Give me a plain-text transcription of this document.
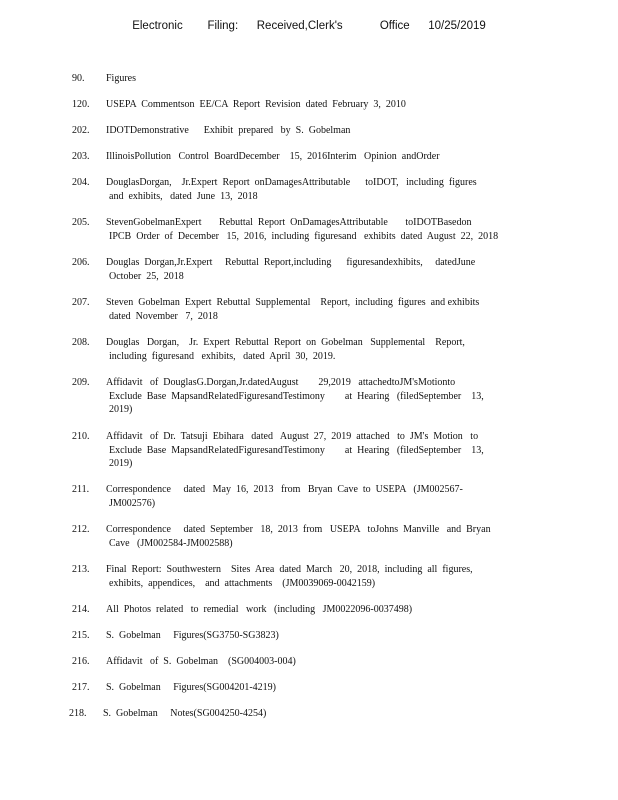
Electronic    Filing:   Received,Clerk's      Office   10/25/2019
90.	Figures
120.	USEPA  Commentson  EE/CA  Report  Revision  dated  February  3,  2010
202.	IDOTDemonstrative      Exhibit  prepared   by  S.  Gobelman
203.	IllinoisPollution   Control  BoardDecember    15,  2016Interim   Opinion  andOrder
204.	DouglasDorgan,    Jr.Expert  Report  onDamagesAttributable      toIDOT,   including  figures
and  exhibits,   dated  June  13,  2018
205.	StevenGobelmanExpert       Rebuttal  Report  OnDamagesAttributable       toIDOTBasedon
IPCB  Order  of  December   15,  2016,  including  figuresand   exhibits  dated  August  22,  2018
206.	Douglas  Dorgan,Jr.Expert     Rebuttal  Report,including      figuresandexhibits,     datedJune
October  25,  2018
207.	Steven  Gobelman  Expert  Rebuttal  Supplemental    Report,  including  figures  and exhibits
dated  November   7,  2018
208.	Douglas   Dorgan,    Jr.  Expert  Rebuttal  Report  on  Gobelman   Supplemental    Report,
including  figuresand   exhibits,   dated  April  30,  2019.
209.	Affidavit   of  DouglasG.Dorgan,Jr.datedAugust        29,2019   attachedtoJM'sMotionto
Exclude  Base  MapsandRelatedFiguresandTestimony        at  Hearing   (filedSeptember    13,
2019)
210.	Affidavit   of  Dr.  Tatsuji  Ebihara   dated   August  27,  2019  attached   to  JM's  Motion   to
Exclude  Base  MapsandRelatedFiguresandTestimony        at  Hearing   (filedSeptember    13,
2019)
211.	Correspondence     dated   May  16,  2013   from   Bryan  Cave  to  USEPA   (JM002567-
JM002576)
212.	Correspondence     dated  September   18,  2013  from   USEPA   toJohns  Manville   and  Bryan
Cave   (JM002584-JM002588)
213.	Final  Report:  Southwestern    Sites  Area  dated  March   20,  2018,  including  all  figures,
exhibits,  appendices,    and  attachments    (JM0039069-0042159)
214.	All  Photos  related   to  remedial   work   (including   JM0022096-0037498)
215.	S.  Gobelman     Figures(SG3750-SG3823)
216.	Affidavit   of  S.  Gobelman    (SG004003-004)
217.	S.  Gobelman     Figures(SG004201-4219)
218.	S.  Gobelman     Notes(SG004250-4254)
